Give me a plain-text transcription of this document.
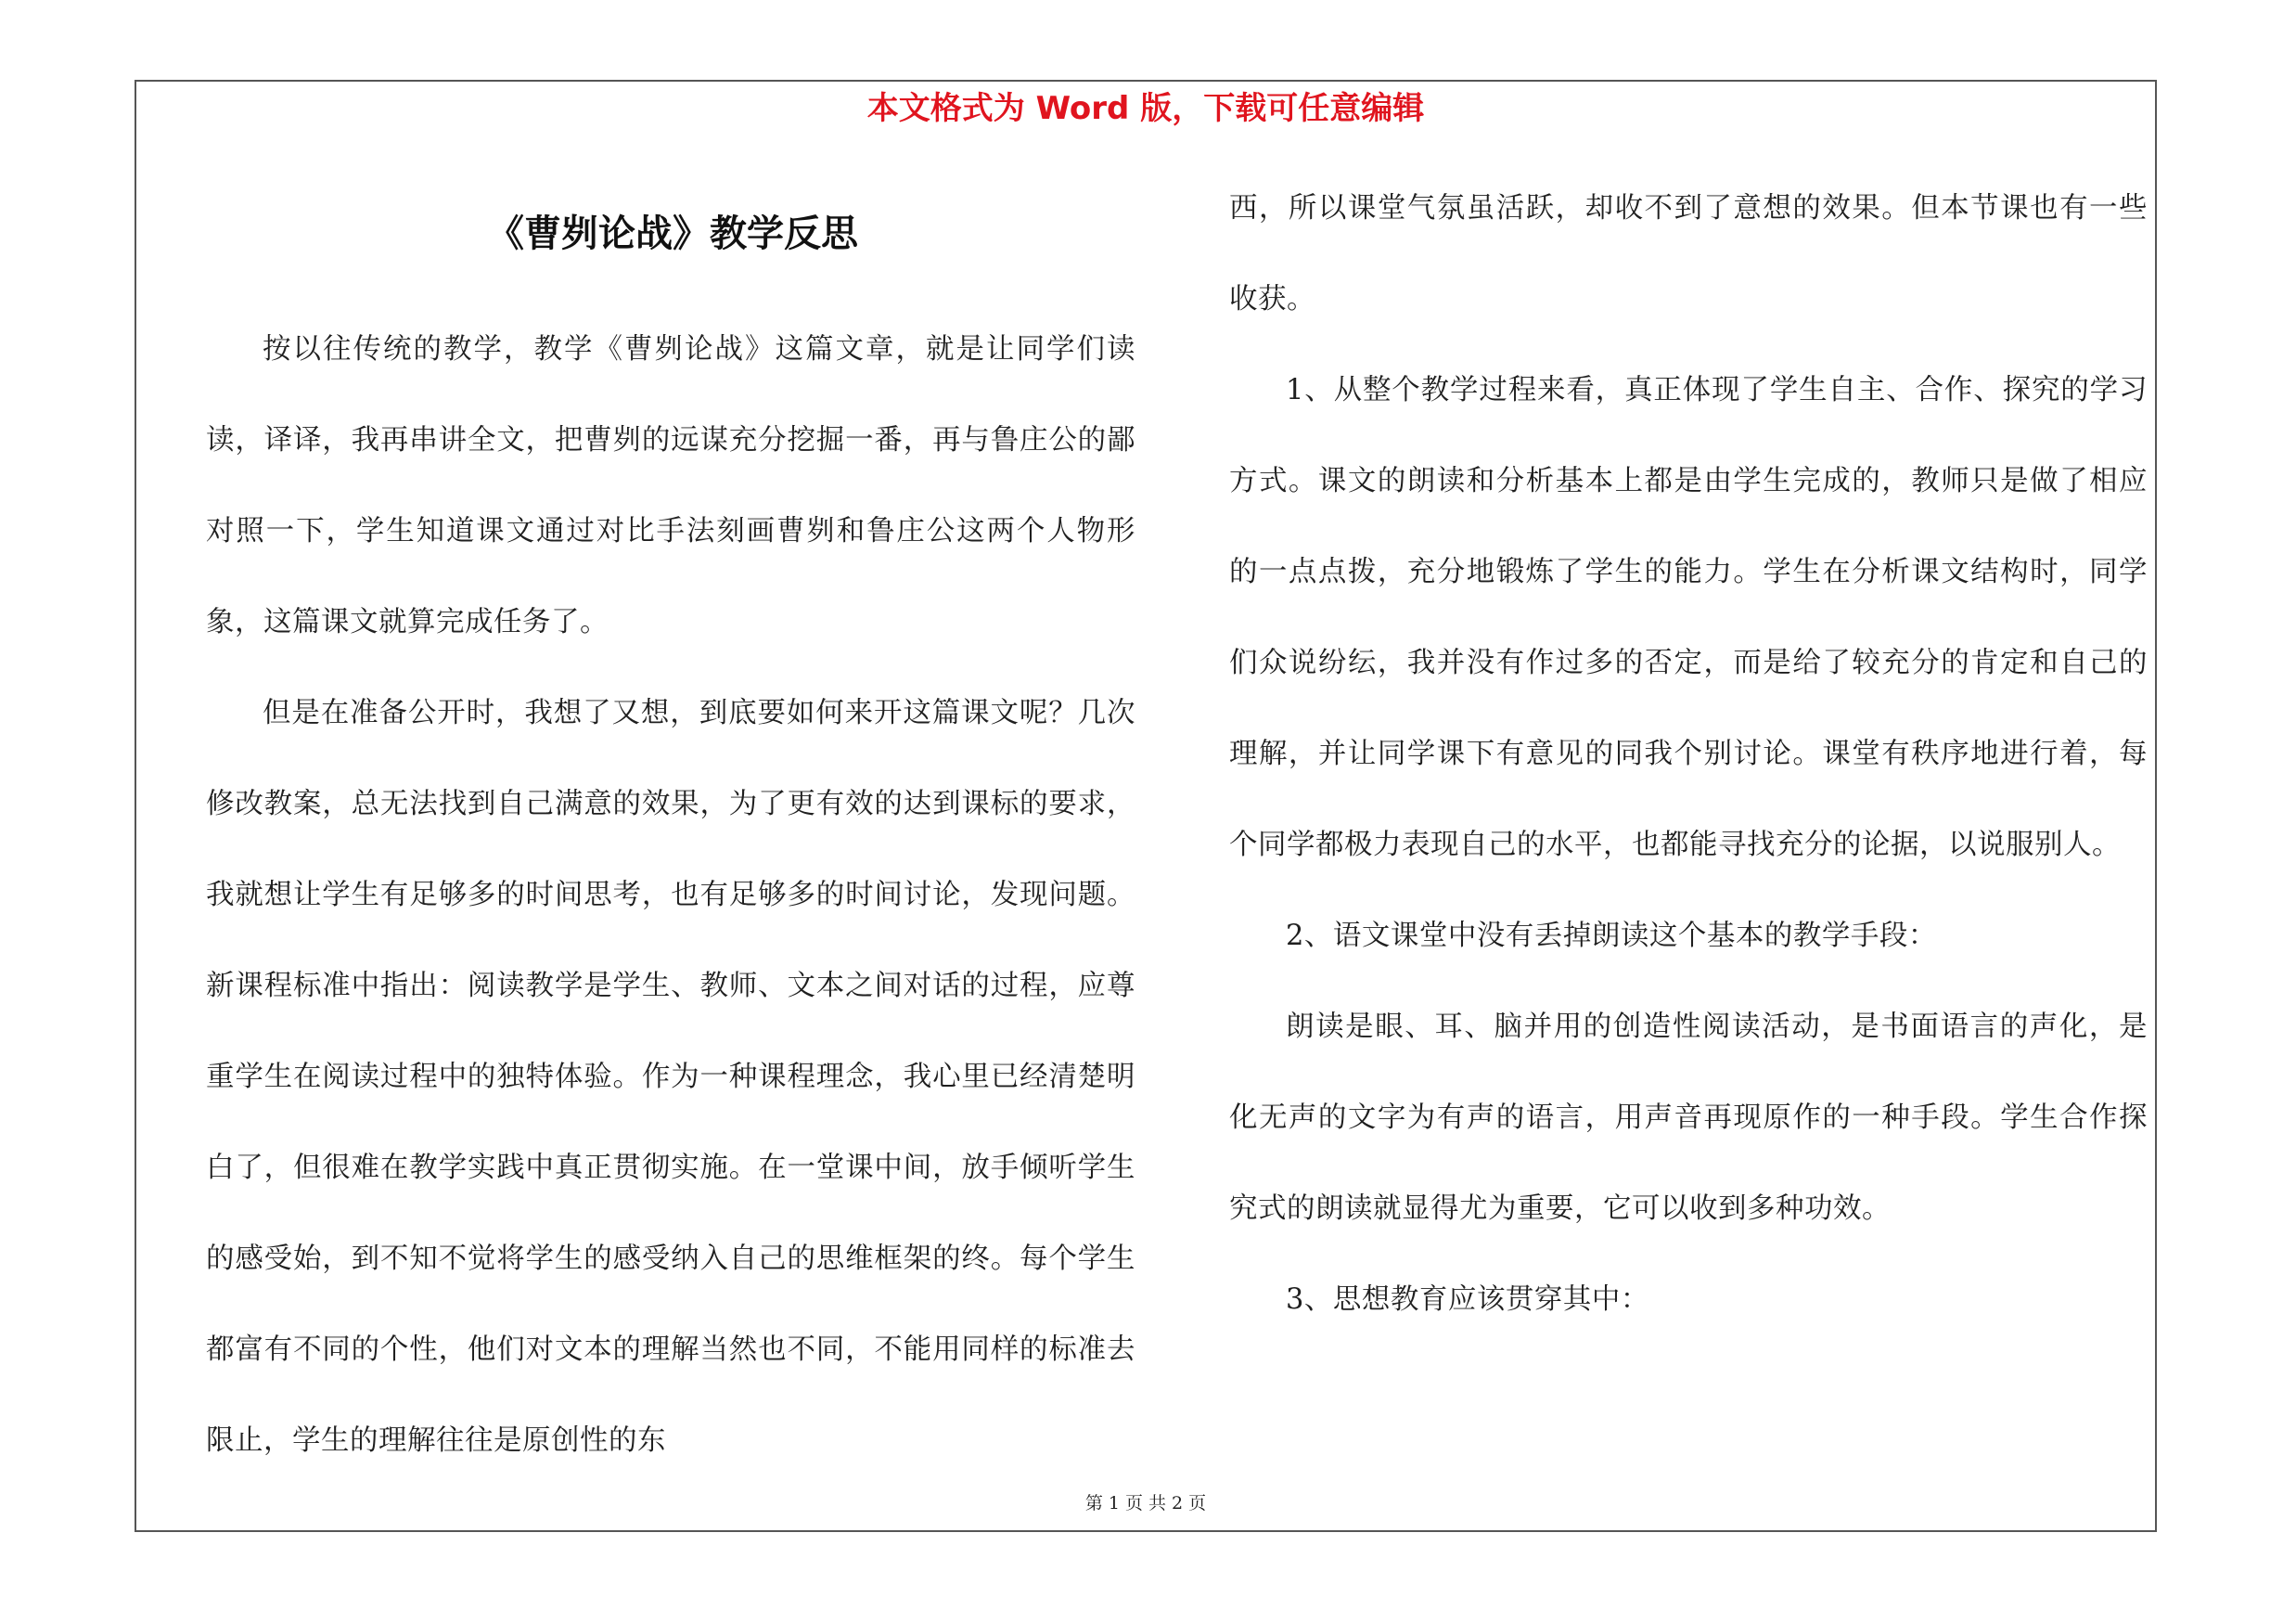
本文格式为 Word 版，下载可任意编辑
《曹刿论战》教学反思

按以往传统的教学，教学《曹刿论战》这篇文章，就是让同学们读读，译译，我再串讲全文，把曹刿的远谋充分挖掘一番，再与鲁庄公的鄙对照一下，学生知道课文通过对比手法刻画曹刿和鲁庄公这两个人物形象，这篇课文就算完成任务了。

但是在准备公开时，我想了又想，到底要如何来开这篇课文呢？几次修改教案，总无法找到自己满意的效果，为了更有效的达到课标的要求，我就想让学生有足够多的时间思考，也有足够多的时间讨论，发现问题。新课程标准中指出：阅读教学是学生、教师、文本之间对话的过程，应尊重学生在阅读过程中的独特体验。作为一种课程理念，我心里已经清楚明白了，但很难在教学实践中真正贯彻实施。在一堂课中间，放手倾听学生的感受始，到不知不觉将学生的感受纳入自己的思维框架的终。每个学生都富有不同的个性，他们对文本的理解当然也不同，不能用同样的标准去限止，学生的理解往往是原创性的东

西，所以课堂气氛虽活跃，却收不到了意想的效果。但本节课也有一些收获。

1、从整个教学过程来看，真正体现了学生自主、合作、探究的学习方式。课文的朗读和分析基本上都是由学生完成的，教师只是做了相应的一点点拨，充分地锻炼了学生的能力。学生在分析课文结构时，同学们众说纷纭，我并没有作过多的否定，而是给了较充分的肯定和自己的理解，并让同学课下有意见的同我个别讨论。课堂有秩序地进行着，每个同学都极力表现自己的水平，也都能寻找充分的论据，以说服别人。

2、语文课堂中没有丢掉朗读这个基本的教学手段：

朗读是眼、耳、脑并用的创造性阅读活动，是书面语言的声化，是化无声的文字为有声的语言，用声音再现原作的一种手段。学生合作探究式的朗读就显得尤为重要，它可以收到多种功效。

3、思想教育应该贯穿其中：

第 1 页 共 2 页
